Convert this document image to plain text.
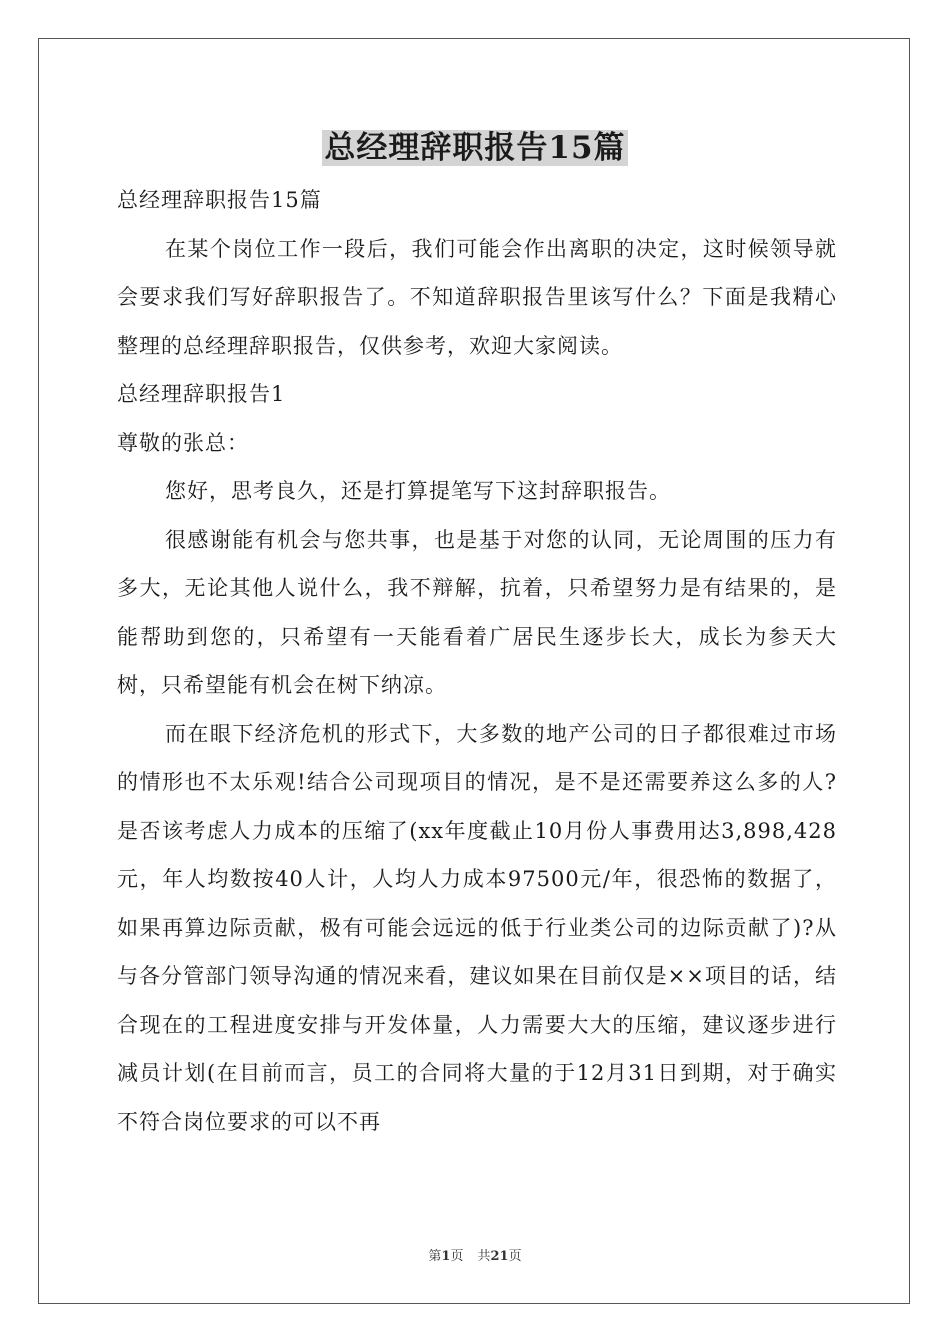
总经理辞职报告15篇

总经理辞职报告15篇

在某个岗位工作一段后，我们可能会作出离职的决定，这时候领导就会要求我们写好辞职报告了。不知道辞职报告里该写什么？下面是我精心整理的总经理辞职报告，仅供参考，欢迎大家阅读。

总经理辞职报告1

尊敬的张总：

您好，思考良久，还是打算提笔写下这封辞职报告。

很感谢能有机会与您共事，也是基于对您的认同，无论周围的压力有多大，无论其他人说什么，我不辩解，抗着，只希望努力是有结果的，是能帮助到您的，只希望有一天能看着广居民生逐步长大，成长为参天大树，只希望能有机会在树下纳凉。

而在眼下经济危机的形式下，大多数的地产公司的日子都很难过市场的情形也不太乐观!结合公司现项目的情况，是不是还需要养这么多的人?是否该考虑人力成本的压缩了(xx年度截止10月份人事费用达3,898,428元，年人均数按40人计，人均人力成本97500元/年，很恐怖的数据了，如果再算边际贡献，极有可能会远远的低于行业类公司的边际贡献了)?从与各分管部门领导沟通的情况来看，建议如果在目前仅是××项目的话，结合现在的工程进度安排与开发体量，人力需要大大的压缩，建议逐步进行减员计划(在目前而言，员工的合同将大量的于12月31日到期，对于确实不符合岗位要求的可以不再

第1页 共21页
